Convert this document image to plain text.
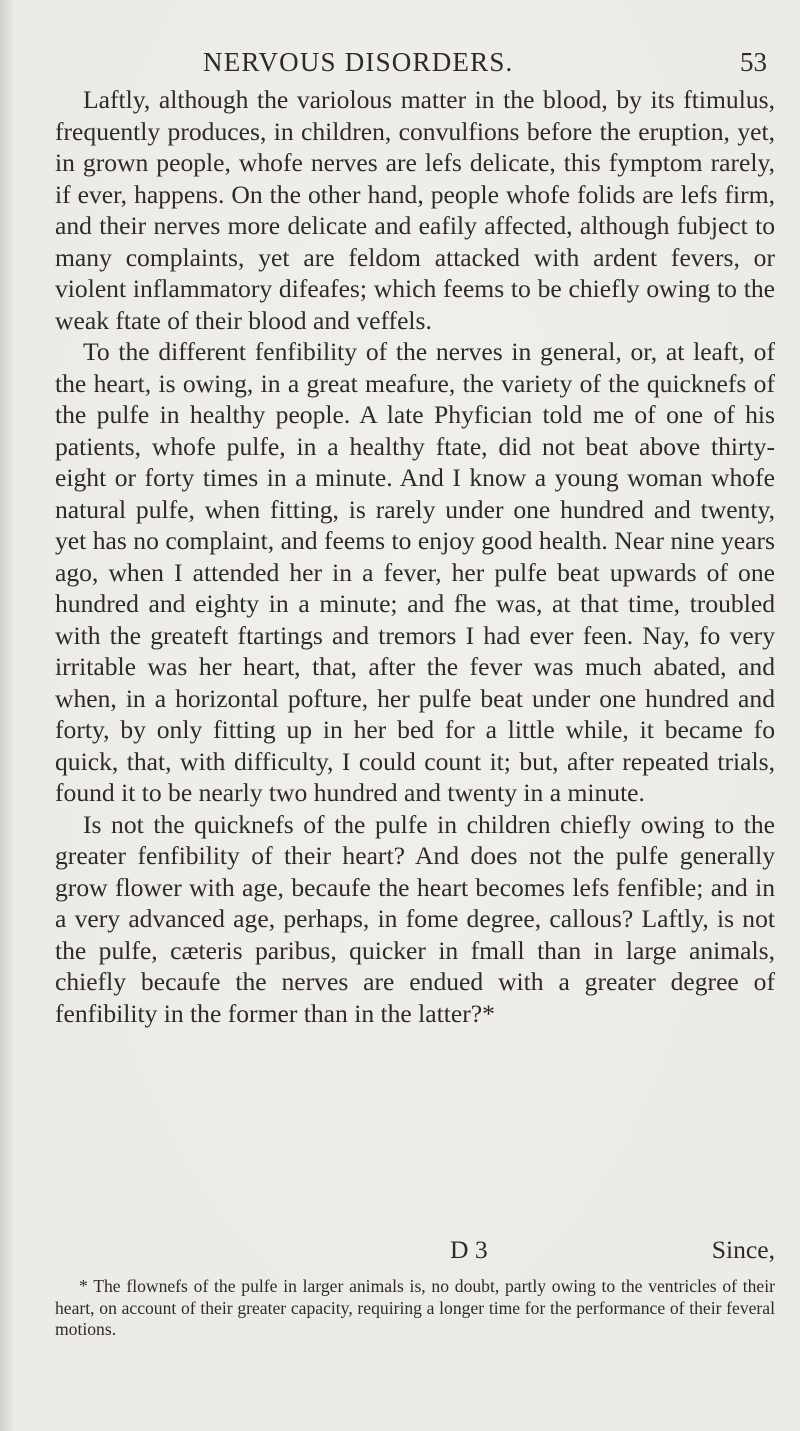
NERVOUS DISORDERS.	53

Laftly, although the variolous matter in the blood, by its ftimulus, frequently produces, in children, convulfions before the eruption, yet, in grown people, whofe nerves are lefs delicate, this fymptom rarely, if ever, happens. On the other hand, people whofe folids are lefs firm, and their nerves more delicate and eafily affected, although fubject to many complaints, yet are feldom attacked with ardent fevers, or violent inflammatory difeafes; which feems to be chiefly owing to the weak ftate of their blood and veffels.

To the different fenfibility of the nerves in general, or, at leaft, of the heart, is owing, in a great meafure, the variety of the quicknefs of the pulfe in healthy people. A late Phyfician told me of one of his patients, whofe pulfe, in a healthy ftate, did not beat above thirty-eight or forty times in a minute. And I know a young woman whofe natural pulfe, when fitting, is rarely under one hundred and twenty, yet has no complaint, and feems to enjoy good health. Near nine years ago, when I attended her in a fever, her pulfe beat upwards of one hundred and eighty in a minute; and fhe was, at that time, troubled with the greateft ftartings and tremors I had ever feen. Nay, fo very irritable was her heart, that, after the fever was much abated, and when, in a horizontal pofture, her pulfe beat under one hundred and forty, by only fitting up in her bed for a little while, it became fo quick, that, with difficulty, I could count it; but, after repeated trials, found it to be nearly two hundred and twenty in a minute.

Is not the quicknefs of the pulfe in children chiefly owing to the greater fenfibility of their heart? And does not the pulfe generally grow flower with age, becaufe the heart becomes lefs fenfible; and in a very advanced age, perhaps, in fome degree, callous? Laftly, is not the pulfe, cæteris paribus, quicker in fmall than in large animals, chiefly becaufe the nerves are endued with a greater degree of fenfibility in the former than in the latter?*

D 3	Since,

* The flownefs of the pulfe in larger animals is, no doubt, partly owing to the ventricles of their heart, on account of their greater capacity, requiring a longer time for the performance of their feveral motions.
